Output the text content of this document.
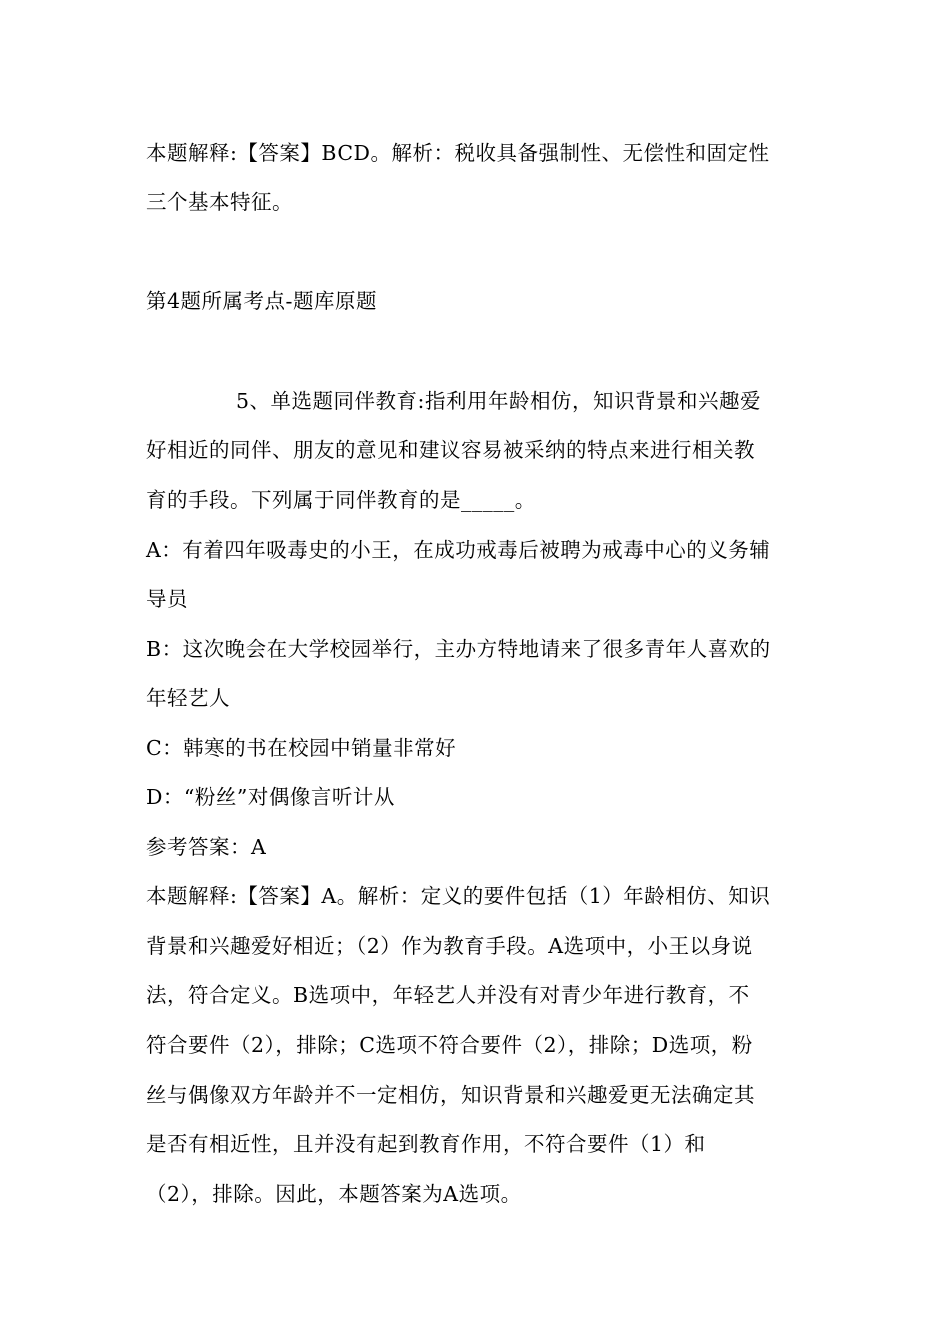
本题解释:【答案】BCD。解析：税收具备强制性、无偿性和固定性
三个基本特征。
第4题所属考点-题库原题
5、单选题同伴教育:指利用年龄相仿，知识背景和兴趣爱
好相近的同伴、朋友的意见和建议容易被采纳的特点来进行相关教
育的手段。下列属于同伴教育的是_____。
A：有着四年吸毒史的小王，在成功戒毒后被聘为戒毒中心的义务辅
导员
B：这次晚会在大学校园举行，主办方特地请来了很多青年人喜欢的
年轻艺人
C：韩寒的书在校园中销量非常好
D：“粉丝”对偶像言听计从
参考答案：A
本题解释:【答案】A。解析：定义的要件包括（1）年龄相仿、知识
背景和兴趣爱好相近；（2）作为教育手段。A选项中，小王以身说
法，符合定义。B选项中，年轻艺人并没有对青少年进行教育，不
符合要件（2），排除；C选项不符合要件（2），排除；D选项，粉
丝与偶像双方年龄并不一定相仿，知识背景和兴趣爱更无法确定其
是否有相近性，且并没有起到教育作用，不符合要件（1）和
（2），排除。因此，本题答案为A选项。
